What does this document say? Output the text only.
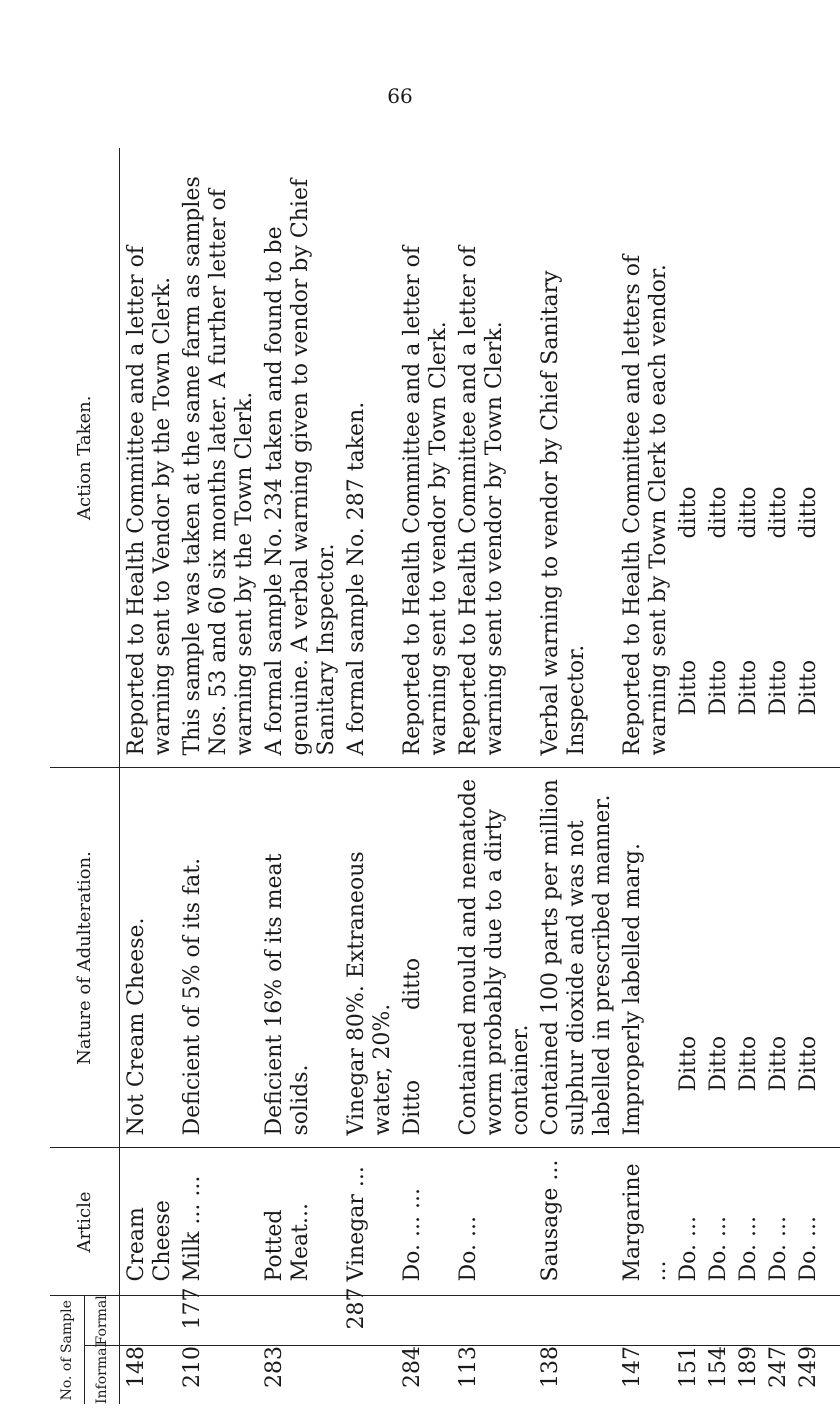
66
No. of Sample		Article	Nature of Adulteration.	Action Taken.
Informal	Formal			
148		Cream Cheese	Not Cream Cheese.	Reported to Health Committee and a letter of warning sent to Vendor by the Town Clerk.
210	177	Milk ... ...	Deficient of 5% of its fat.	This sample was taken at the same farm as samples Nos. 53 and 60 six months later. A further letter of warning sent by the Town Clerk.
283		Potted Meat...	Deficient 16% of its meat solids.	A formal sample No. 234 taken and found to be genuine. A verbal warning given to vendor by Chief Sanitary Inspector.
	287	Vinegar ...	Vinegar 80%. Extraneous water, 20%.	A formal sample No. 287 taken.
284		Do. ... ...	Ditto          ditto	Reported to Health Committee and a letter of warning sent to vendor by Town Clerk.
113		Do. ...	Contained mould and nematode worm probably due to a dirty container.	Reported to Health Committee and a letter of warning sent to vendor by Town Clerk.
138		Sausage ...	Contained 100 parts per million sulphur dioxide and was not labelled in prescribed manner.	Verbal warning to vendor by Chief Sanitary Inspector.
147		Margarine ...	Improperly labelled marg.	Reported to Health Committee and letters of warning sent by Town Clerk to each vendor.
151		Do. ...	Ditto	Ditto ditto
154		Do. ...	Ditto	Ditto ditto
189		Do. ...	Ditto	Ditto ditto
247		Do. ...	Ditto	Ditto ditto
249		Do. ...	Ditto	Ditto ditto
